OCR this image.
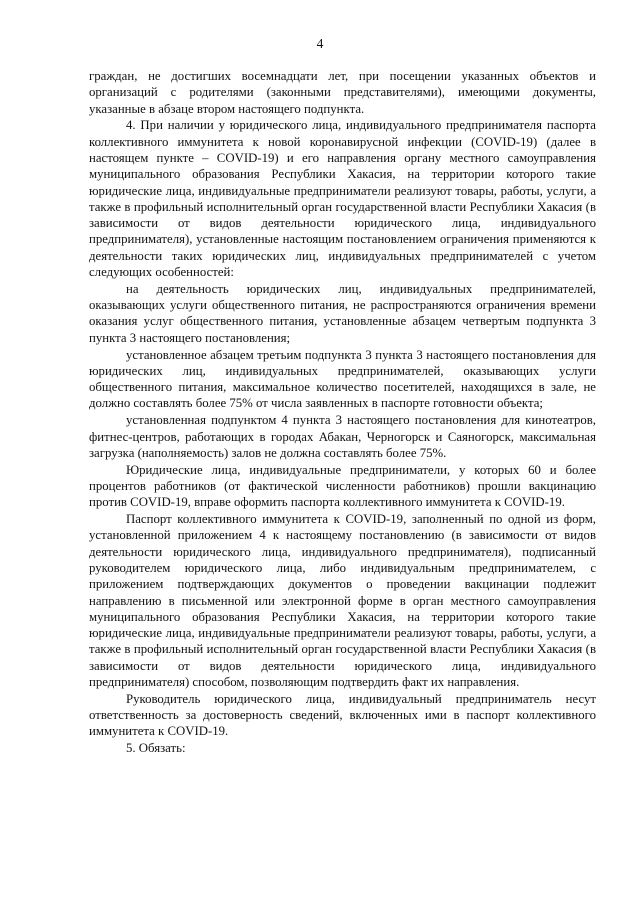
4

граждан, не достигших восемнадцати лет, при посещении указанных объектов и организаций с родителями (законными представителями), имеющими документы, указанные в абзаце втором настоящего подпункта.

4. При наличии у юридического лица, индивидуального предпринимателя паспорта коллективного иммунитета к новой коронавирусной инфекции (COVID-19) (далее в настоящем пункте – COVID-19) и его направления органу местного самоуправления муниципального образования Республики Хакасия, на территории которого такие юридические лица, индивидуальные предприниматели реализуют товары, работы, услуги, а также в профильный исполнительный орган государственной власти Республики Хакасия (в зависимости от видов деятельности юридического лица, индивидуального предпринимателя), установленные настоящим постановлением ограничения применяются к деятельности таких юридических лиц, индивидуальных предпринимателей с учетом следующих особенностей:

на деятельность юридических лиц, индивидуальных предпринимателей, оказывающих услуги общественного питания, не распространяются ограничения времени оказания услуг общественного питания, установленные абзацем четвертым подпункта 3 пункта 3 настоящего постановления;

установленное абзацем третьим подпункта 3 пункта 3 настоящего постановления для юридических лиц, индивидуальных предпринимателей, оказывающих услуги общественного питания, максимальное количество посетителей, находящихся в зале, не должно составлять более 75% от числа заявленных в паспорте готовности объекта;

установленная подпунктом 4 пункта 3 настоящего постановления для кинотеатров, фитнес-центров, работающих в городах Абакан, Черногорск и Саяногорск, максимальная загрузка (наполняемость) залов не должна составлять более 75%.

Юридические лица, индивидуальные предприниматели, у которых 60 и более процентов работников (от фактической численности работников) прошли вакцинацию против COVID-19, вправе оформить паспорта коллективного иммунитета к COVID-19.

Паспорт коллективного иммунитета к COVID-19, заполненный по одной из форм, установленной приложением 4 к настоящему постановлению (в зависимости от видов деятельности юридического лица, индивидуального предпринимателя), подписанный руководителем юридического лица, либо индивидуальным предпринимателем, с приложением подтверждающих документов о проведении вакцинации подлежит направлению в письменной или электронной форме в орган местного самоуправления муниципального образования Республики Хакасия, на территории которого такие юридические лица, индивидуальные предприниматели реализуют товары, работы, услуги, а также в профильный исполнительный орган государственной власти Республики Хакасия (в зависимости от видов деятельности юридического лица, индивидуального предпринимателя) способом, позволяющим подтвердить факт их направления.

Руководитель юридического лица, индивидуальный предприниматель несут ответственность за достоверность сведений, включенных ими в паспорт коллективного иммунитета к COVID-19.

5. Обязать:
